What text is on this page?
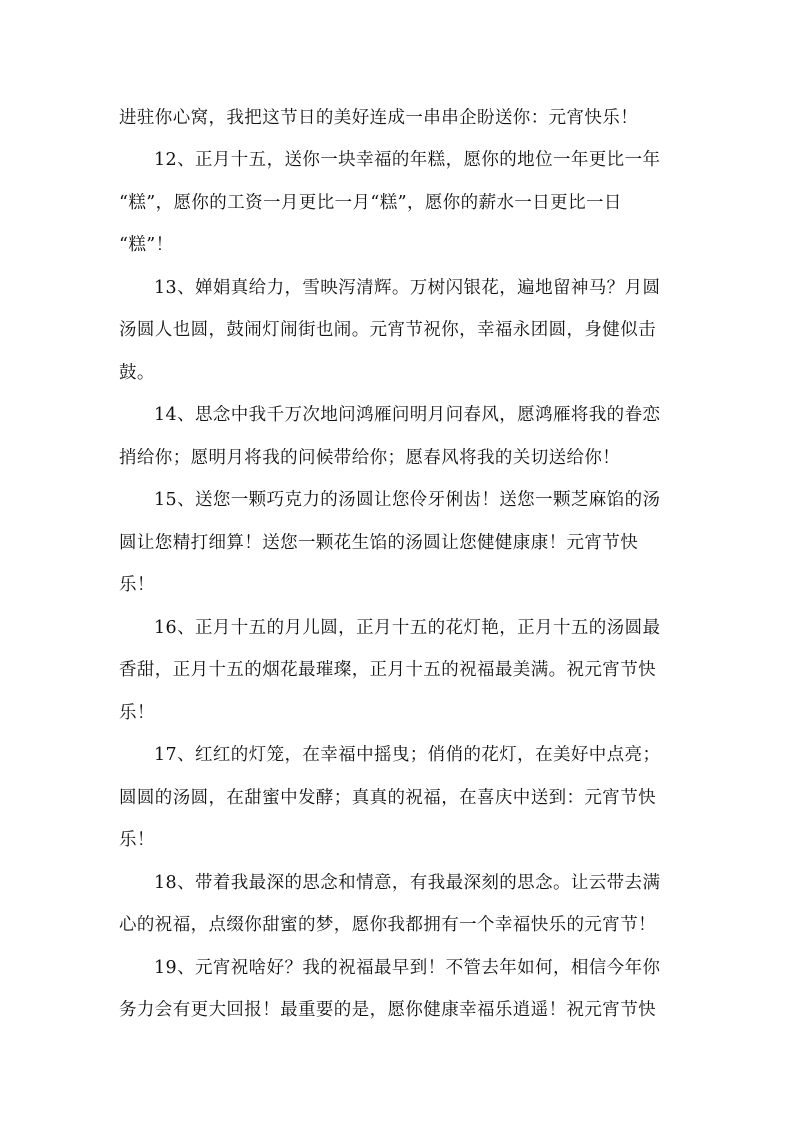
进驻你心窝，我把这节日的美好连成一串串企盼送你：元宵快乐！
12、正月十五，送你一块幸福的年糕，愿你的地位一年更比一年
“糕”，愿你的工资一月更比一月“糕”，愿你的薪水一日更比一日
“糕”！
13、婵娟真给力，雪映泻清辉。万树闪银花，遍地留神马？月圆
汤圆人也圆，鼓闹灯闹街也闹。元宵节祝你，幸福永团圆，身健似击
鼓。
14、思念中我千万次地问鸿雁问明月问春风，愿鸿雁将我的眷恋
捎给你；愿明月将我的问候带给你；愿春风将我的关切送给你！
15、送您一颗巧克力的汤圆让您伶牙俐齿！送您一颗芝麻馅的汤
圆让您精打细算！送您一颗花生馅的汤圆让您健健康康！元宵节快
乐！
16、正月十五的月儿圆，正月十五的花灯艳，正月十五的汤圆最
香甜，正月十五的烟花最璀璨，正月十五的祝福最美满。祝元宵节快
乐！
17、红红的灯笼，在幸福中摇曳；俏俏的花灯，在美好中点亮；
圆圆的汤圆，在甜蜜中发酵；真真的祝福，在喜庆中送到：元宵节快
乐！
18、带着我最深的思念和情意，有我最深刻的思念。让云带去满
心的祝福，点缀你甜蜜的梦，愿你我都拥有一个幸福快乐的元宵节！
19、元宵祝啥好？我的祝福最早到！不管去年如何，相信今年你
务力会有更大回报！最重要的是，愿你健康幸福乐逍遥！祝元宵节快
